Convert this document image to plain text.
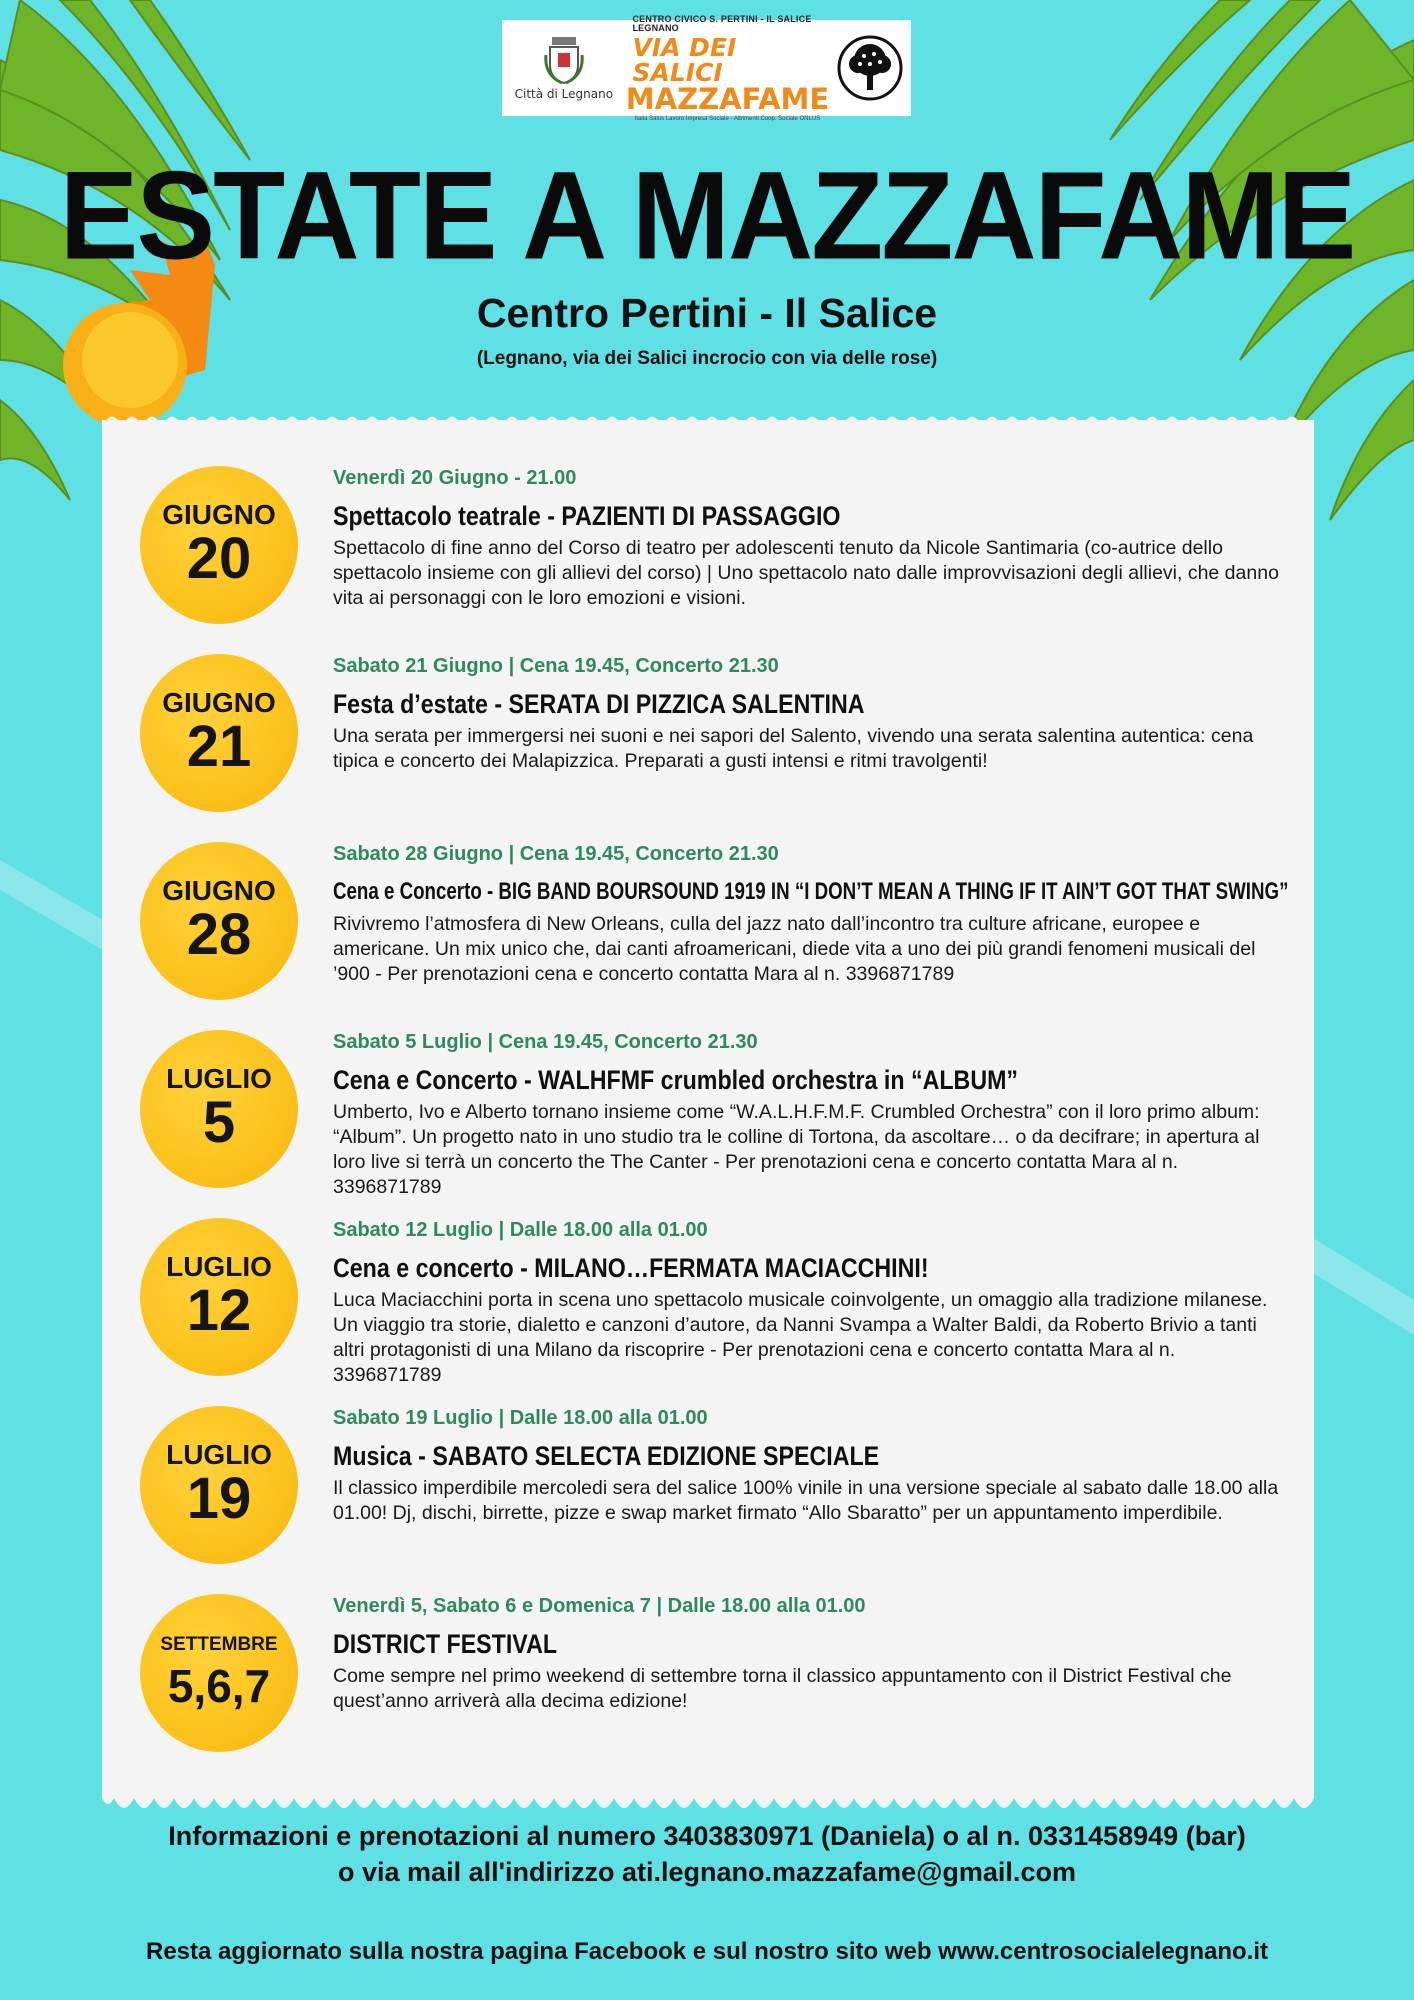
Città di Legnano
CENTRO CIVICO S. PERTINI - IL SALICE LEGNANO
VIA DEI SALICI
MAZZAFAME
Italia Salus Lavoro Impresa Sociale - Altrimenti Coop. Sociale ONLUS
ESTATE A MAZZAFAME
Centro Pertini - Il Salice
(Legnano, via dei Salici incrocio con via delle rose)
GIUGNO
20
Venerdì 20 Giugno - 21.00
Spettacolo teatrale - PAZIENTI DI PASSAGGIO
Spettacolo di fine anno del Corso di teatro per adolescenti tenuto da Nicole Santimaria (co-autrice dello spettacolo insieme con gli allievi del corso) | Uno spettacolo nato dalle improvvisazioni degli allievi, che danno vita ai personaggi con le loro emozioni e visioni.
GIUGNO
21
Sabato 21 Giugno | Cena 19.45, Concerto 21.30
Festa d’estate - SERATA DI PIZZICA SALENTINA
Una serata per immergersi nei suoni e nei sapori del Salento, vivendo una serata salentina autentica: cena tipica e concerto dei Malapizzica. Preparati a gusti intensi e ritmi travolgenti!
GIUGNO
28
Sabato 28 Giugno | Cena 19.45, Concerto 21.30
Cena e Concerto - BIG BAND BOURSOUND 1919 IN “I DON’T MEAN A THING IF IT AIN’T GOT THAT SWING”
Rivivremo l’atmosfera di New Orleans, culla del jazz nato dall’incontro tra culture africane, europee e americane. Un mix unico che, dai canti afroamericani, diede vita a uno dei più grandi fenomeni musicali del ’900 - Per prenotazioni cena e concerto contatta Mara al n. 3396871789
LUGLIO
5
Sabato 5 Luglio | Cena 19.45, Concerto 21.30
Cena e Concerto - WALHFMF crumbled orchestra in “ALBUM”
Umberto, Ivo e Alberto tornano insieme come “W.A.L.H.F.M.F. Crumbled Orchestra” con il loro primo album: “Album”. Un progetto nato in uno studio tra le colline di Tortona, da ascoltare… o da decifrare; in apertura al loro live si terrà un concerto the The Canter - Per prenotazioni cena e concerto contatta Mara al n. 3396871789
LUGLIO
12
Sabato 12 Luglio | Dalle 18.00 alla 01.00
Cena e concerto - MILANO…FERMATA MACIACCHINI!
Luca Maciacchini porta in scena uno spettacolo musicale coinvolgente, un omaggio alla tradizione milanese. Un viaggio tra storie, dialetto e canzoni d’autore, da Nanni Svampa a Walter Baldi, da Roberto Brivio a tanti altri protagonisti di una Milano da riscoprire - Per prenotazioni cena e concerto contatta Mara al n. 3396871789
LUGLIO
19
Sabato 19 Luglio | Dalle 18.00 alla 01.00
Musica - SABATO SELECTA EDIZIONE SPECIALE
Il classico imperdibile mercoledi sera del salice 100% vinile in una versione speciale al sabato dalle 18.00 alla 01.00! Dj, dischi, birrette, pizze e swap market firmato “Allo Sbaratto” per un appuntamento imperdibile.
SETTEMBRE
5,6,7
Venerdì 5, Sabato 6 e Domenica 7 | Dalle 18.00 alla 01.00
DISTRICT FESTIVAL
Come sempre nel primo weekend di settembre torna il classico appuntamento con il District Festival che quest’anno arriverà alla decima edizione!
Informazioni e prenotazioni al numero 3403830971 (Daniela) o al n. 0331458949 (bar)
o via mail all'indirizzo ati.legnano.mazzafame@gmail.com
Resta aggiornato sulla nostra pagina Facebook e sul nostro sito web www.centrosocialelegnano.it
